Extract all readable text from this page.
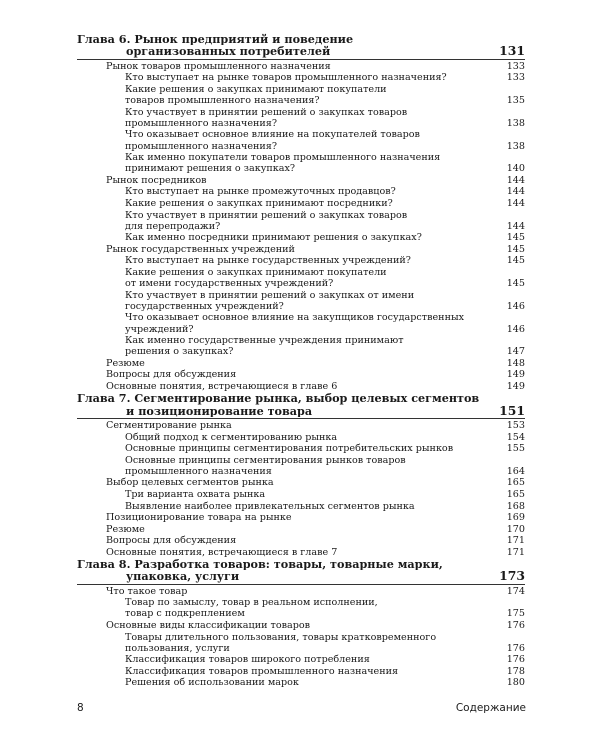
Глава 6. Рынок предприятий и поведение
организованных потребителей	131
Рынок товаров промышленного назначения	133
Кто выступает на рынке товаров промышленного назначения?	133
Какие решения о закупках принимают покупатели
товаров промышленного назначения?	135
Кто участвует в принятии решений о закупках товаров
промышленного назначения?	138
Что оказывает основное влияние на покупателей товаров
промышленного назначения?	138
Как именно покупатели товаров промышленного назначения
принимают решения о закупках?	140
Рынок посредников	144
Кто выступает на рынке промежуточных продавцов?	144
Какие решения о закупках принимают посредники?	144
Кто участвует в принятии решений о закупках товаров
для перепродажи?	144
Как именно посредники принимают решения о закупках?	145
Рынок государственных учреждений	145
Кто выступает на рынке государственных учреждений?	145
Какие решения о закупках принимают покупатели
от имени государственных учреждений?	145
Кто участвует в принятии решений о закупках от имени
государственных учреждений?	146
Что оказывает основное влияние на закупщиков государственных
учреждений?	146
Как именно государственные учреждения принимают
решения о закупках?	147
Резюме	148
Вопросы для обсуждения	149
Основные понятия, встречающиеся в главе 6	149
Глава 7. Сегментирование рынка, выбор целевых сегментов
и позиционирование товара	151
Сегментирование рынка	153
Общий подход к сегментированию рынка	154
Основные принципы сегментирования потребительских рынков	155
Основные принципы сегментирования рынков товаров
промышленного назначения	164
Выбор целевых сегментов рынка	165
Три варианта охвата рынка	165
Выявление наиболее привлекательных сегментов рынка	168
Позиционирование товара на рынке	169
Резюме	170
Вопросы для обсуждения	171
Основные понятия, встречающиеся в главе 7	171
Глава 8. Разработка товаров: товары, товарные марки,
упаковка, услуги	173
Что такое товар	174
Товар по замыслу, товар в реальном исполнении,
товар с подкреплением	175
Основные виды классификации товаров	176
Товары длительного пользования, товары кратковременного
пользования, услуги	176
Классификация товаров широкого потребления	176
Классификация товаров промышленного назначения	178
Решения об использовании марок	180
8	Содержание
